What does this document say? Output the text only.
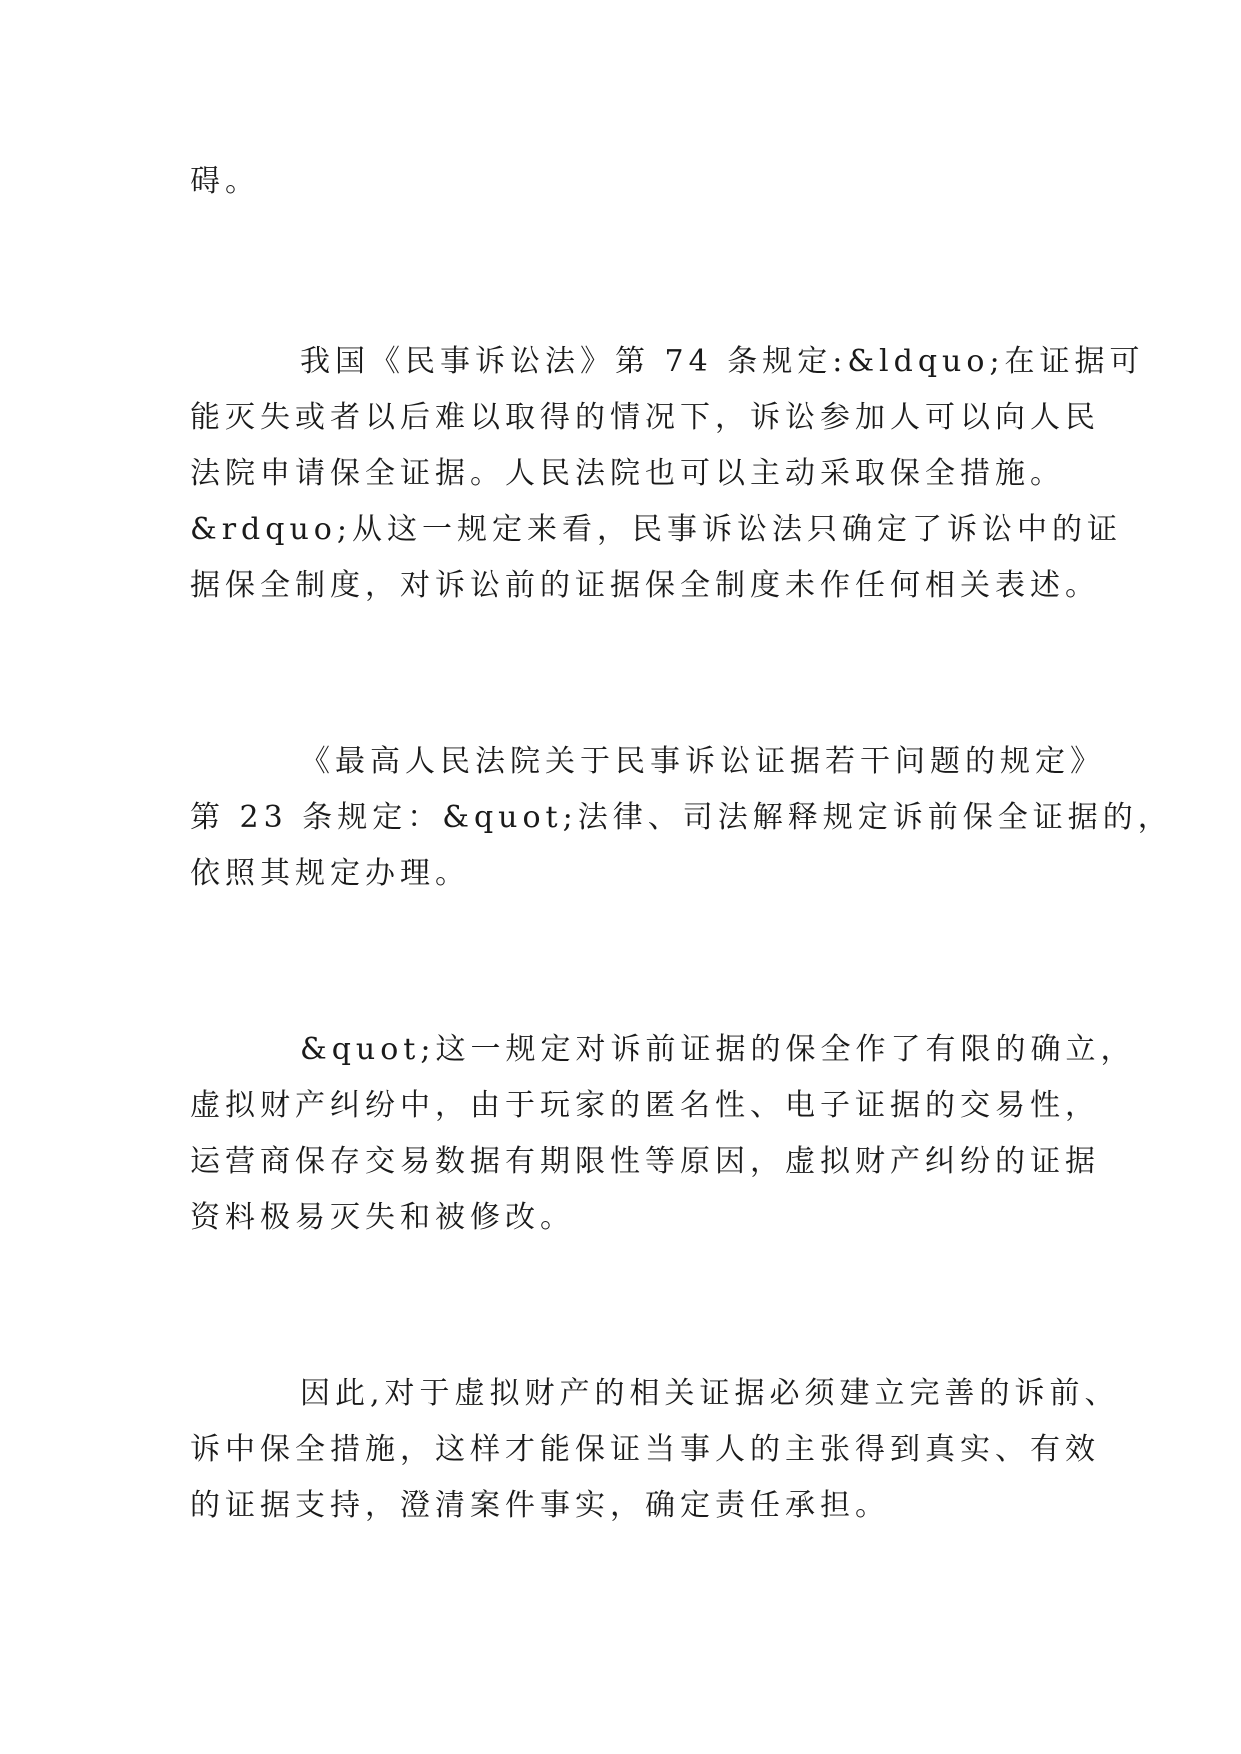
碍。
我国《民事诉讼法》第 74 条规定:&ldquo;在证据可
能灭失或者以后难以取得的情况下，诉讼参加人可以向人民
法院申请保全证据。人民法院也可以主动采取保全措施。
&rdquo;从这一规定来看，民事诉讼法只确定了诉讼中的证
据保全制度，对诉讼前的证据保全制度未作任何相关表述。
《最高人民法院关于民事诉讼证据若干问题的规定》
第 23 条规定：&quot;法律、司法解释规定诉前保全证据的，
依照其规定办理。
&quot;这一规定对诉前证据的保全作了有限的确立，
虚拟财产纠纷中，由于玩家的匿名性、电子证据的交易性，
运营商保存交易数据有期限性等原因，虚拟财产纠纷的证据
资料极易灭失和被修改。
因此,对于虚拟财产的相关证据必须建立完善的诉前、
诉中保全措施，这样才能保证当事人的主张得到真实、有效
的证据支持，澄清案件事实，确定责任承担。
